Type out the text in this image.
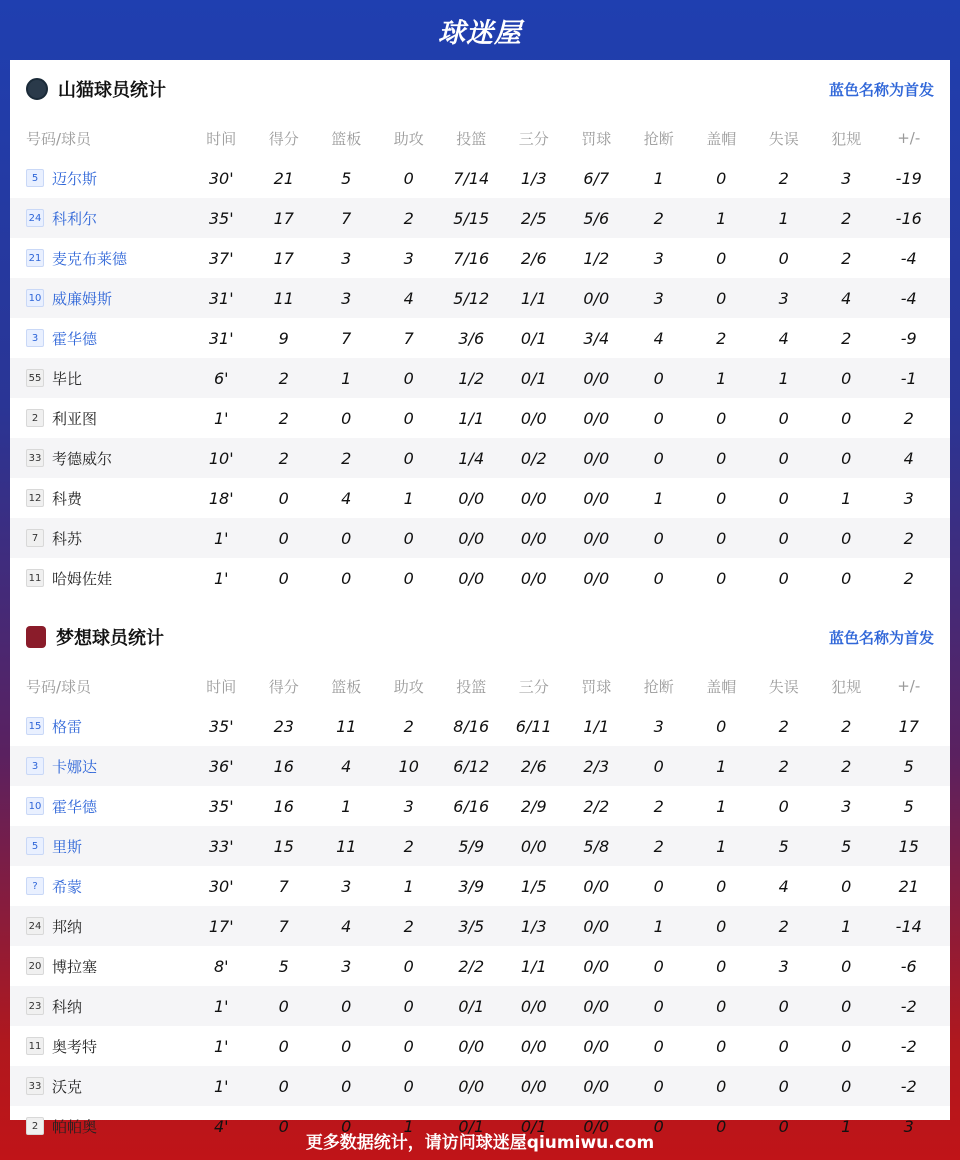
球迷屋
山猫球员统计	蓝色名称为首发
号码/球员	时间	得分	篮板	助攻	投篮	三分	罚球	抢断	盖帽	失误	犯规	+/-
5 迈尔斯	30'	21	5	0	7/14	1/3	6/7	1	0	2	3	-19
24 科利尔	35'	17	7	2	5/15	2/5	5/6	2	1	1	2	-16
21 麦克布莱德	37'	17	3	3	7/16	2/6	1/2	3	0	0	2	-4
10 威廉姆斯	31'	11	3	4	5/12	1/1	0/0	3	0	3	4	-4
3 霍华德	31'	9	7	7	3/6	0/1	3/4	4	2	4	2	-9
55 毕比	6'	2	1	0	1/2	0/1	0/0	0	1	1	0	-1
2 利亚图	1'	2	0	0	1/1	0/0	0/0	0	0	0	0	2
33 考德威尔	10'	2	2	0	1/4	0/2	0/0	0	0	0	0	4
12 科费	18'	0	4	1	0/0	0/0	0/0	1	0	0	1	3
7 科苏	1'	0	0	0	0/0	0/0	0/0	0	0	0	0	2
11 哈姆佐娃	1'	0	0	0	0/0	0/0	0/0	0	0	0	0	2
梦想球员统计	蓝色名称为首发
号码/球员	时间	得分	篮板	助攻	投篮	三分	罚球	抢断	盖帽	失误	犯规	+/-
15 格雷	35'	23	11	2	8/16	6/11	1/1	3	0	2	2	17
3 卡娜达	36'	16	4	10	6/12	2/6	2/3	0	1	2	2	5
10 霍华德	35'	16	1	3	6/16	2/9	2/2	2	1	0	3	5
5 里斯	33'	15	11	2	5/9	0/0	5/8	2	1	5	5	15
? 希蒙	30'	7	3	1	3/9	1/5	0/0	0	0	4	0	21
24 邦纳	17'	7	4	2	3/5	1/3	0/0	1	0	2	1	-14
20 博拉塞	8'	5	3	0	2/2	1/1	0/0	0	0	3	0	-6
23 科纳	1'	0	0	0	0/1	0/0	0/0	0	0	0	0	-2
11 奥考特	1'	0	0	0	0/0	0/0	0/0	0	0	0	0	-2
33 沃克	1'	0	0	0	0/0	0/0	0/0	0	0	0	0	-2
2 帕帕奥	4'	0	0	1	0/1	0/1	0/0	0	0	0	1	3
更多数据统计，请访问球迷屋qiumiwu.com
